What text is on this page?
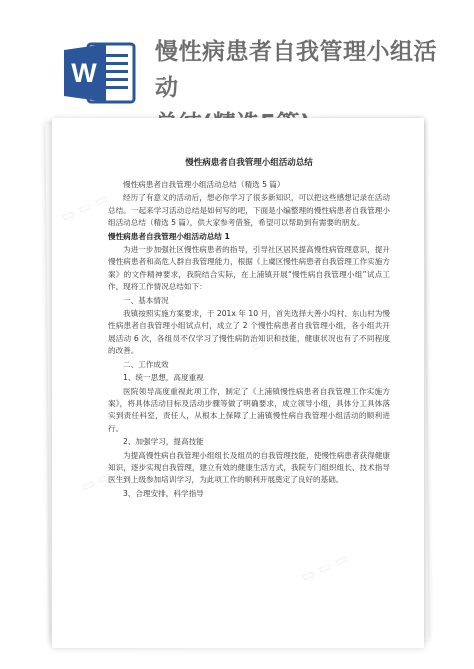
W
慢性病患者自我管理小组活动
慢性病患者自我管理小组活动总结
慢性病患者自我管理小组活动总结（精选 5 篇）
经历了有意义的活动后，想必你学习了很多新知识，可以把这些感想记录在活动总结。一起来学习活动总结是如何写的吧，下面是小编整理的慢性病患者自我管理小组活动总结（精选 5 篇），供大家参考借鉴，希望可以帮助到有需要的朋友。
慢性病患者自我管理小组活动总结 1
为进一步加强社区慢性病患者的指导，引导社区居民提高慢性病管理意识，提升慢性病患者和高危人群自我管理能力，根据《上虞区慢性病患者自我管理工作实施方案》的文件精神要求，我院结合实际，在上浦镇开展“慢性病自我管理小组”试点工作，现将工作情况总结如下：
一、基本情况
我镇按照实施方案要求，于 201x 年 10 月，首先选择大善小坞村、东山村为慢性病患者自我管理小组试点村，成立了 2 个慢性病患者自我管理小组，各小组共开展活动 6 次，各组员不仅学习了慢性病防治知识和技能，健康状况也有了不同程度的改善。
二、工作成效
1、统一思想，高度重视
医院领导高度重视此项工作，制定了《上浦镇慢性病患者自我管理工作实施方案》，将具体活动目标及活动步骤等做了明确要求，成立领导小组，具体分工具体落实到责任科室，责任人，从根本上保障了上浦镇慢性病自我管理小组活动的顺利进行。
2、加强学习，提高技能
为提高慢性病自我管理小组组长及组员的自我管理技能，使慢性病患者获得健康知识，逐步实现自我管理，建立有效的健康生活方式，我院专门组织组长、技术指导医生到上级参加培训学习，为此项工作的顺利开展奠定了良好的基础。
3、合理安排，科学指导
